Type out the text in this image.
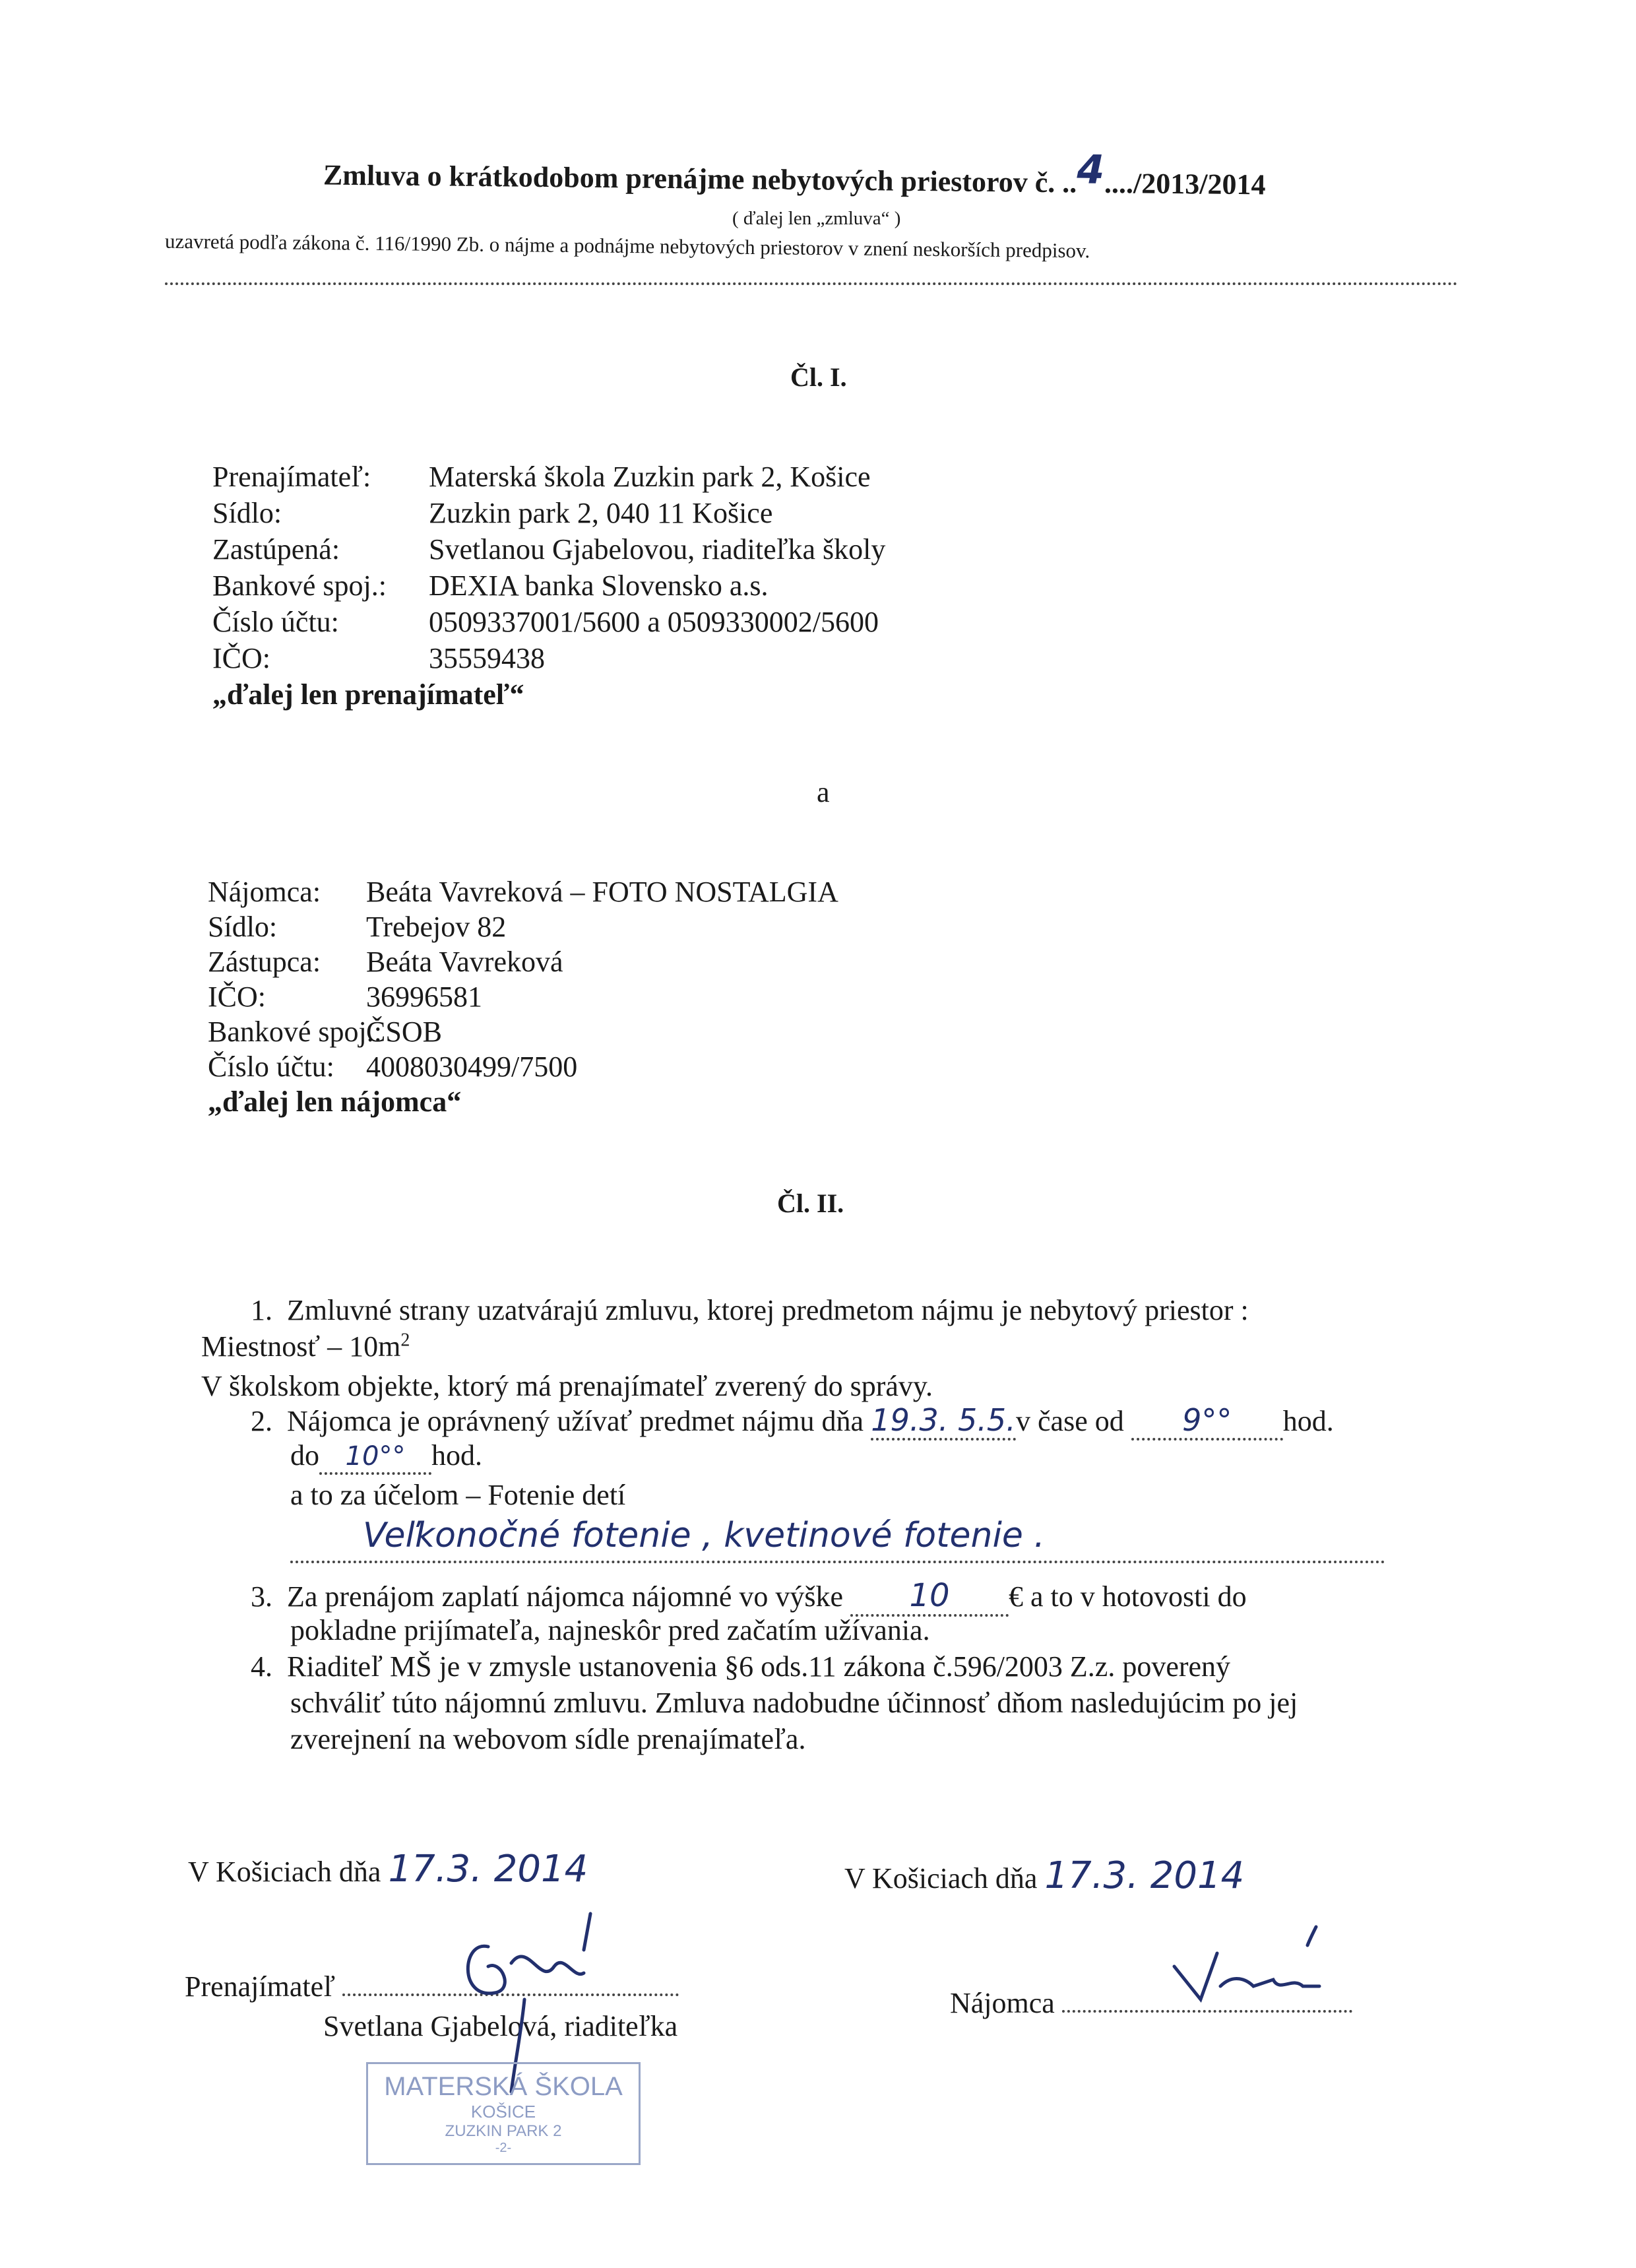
Zmluva o krátkodobom prenájme nebytových priestorov č. ..4..../2013/2014
( ďalej len „zmluva“ )
uzavretá podľa zákona č. 116/1990 Zb. o nájme a podnájme nebytových priestorov v znení neskorších predpisov.
Čl. I.
Prenajímateľ: Materská škola Zuzkin park 2, Košice
Sídlo:	Zuzkin park 2, 040 11 Košice
Zastúpená:	Svetlanou Gjabelovou, riaditeľka školy
Bankové spoj.: DEXIA banka Slovensko a.s.
Číslo účtu:	0509337001/5600 a 0509330002/5600
IČO:	35559438
„ďalej len prenajímateľ“
a
Nájomca: Beáta Vavreková – FOTO NOSTALGIA
Sídlo:	Trebejov 82
Zástupca: Beáta Vavreková
IČO:	36996581
Bankové spoj.:ČSOB
Číslo účtu: 4008030499/7500
„ďalej len nájomca“
Čl. II.
1. Zmluvné strany uzatvárajú zmluvu, ktorej predmetom nájmu je nebytový priestor :
Miestnosť – $10m^2$
V školskom objekte, ktorý má prenajímateľ zverený do správy.
2. Nájomca je oprávnený užívať predmet nájmu dňa 19.3. 5.5.v čase od 9°° hod.
do 10°° hod.
a to za účelom – Fotenie detí
Veľkonočné fotenie , kvetinové fotenie .
3. Za prenájom zaplatí nájomca nájomné vo výške 10 € a to v hotovosti do
pokladne prijímateľa, najneskôr pred začatím užívania.
4. Riaditeľ MŠ je v zmysle ustanovenia §6 ods.11 zákona č.596/2003 Z.z. poverený
schváliť túto nájomnú zmluvu. Zmluva nadobudne účinnosť dňom nasledujúcim po jej
zverejnení na webovom sídle prenajímateľa.
V Košiciach dňa 17.3. 2014	V Košiciach dňa 17.3. 2014
Prenajímateľ
Svetlana Gjabelová, riaditeľka
Nájomca
MATERSKÁ ŠKOLA
KOŠICE
ZUZKIN PARK 2
-2-
